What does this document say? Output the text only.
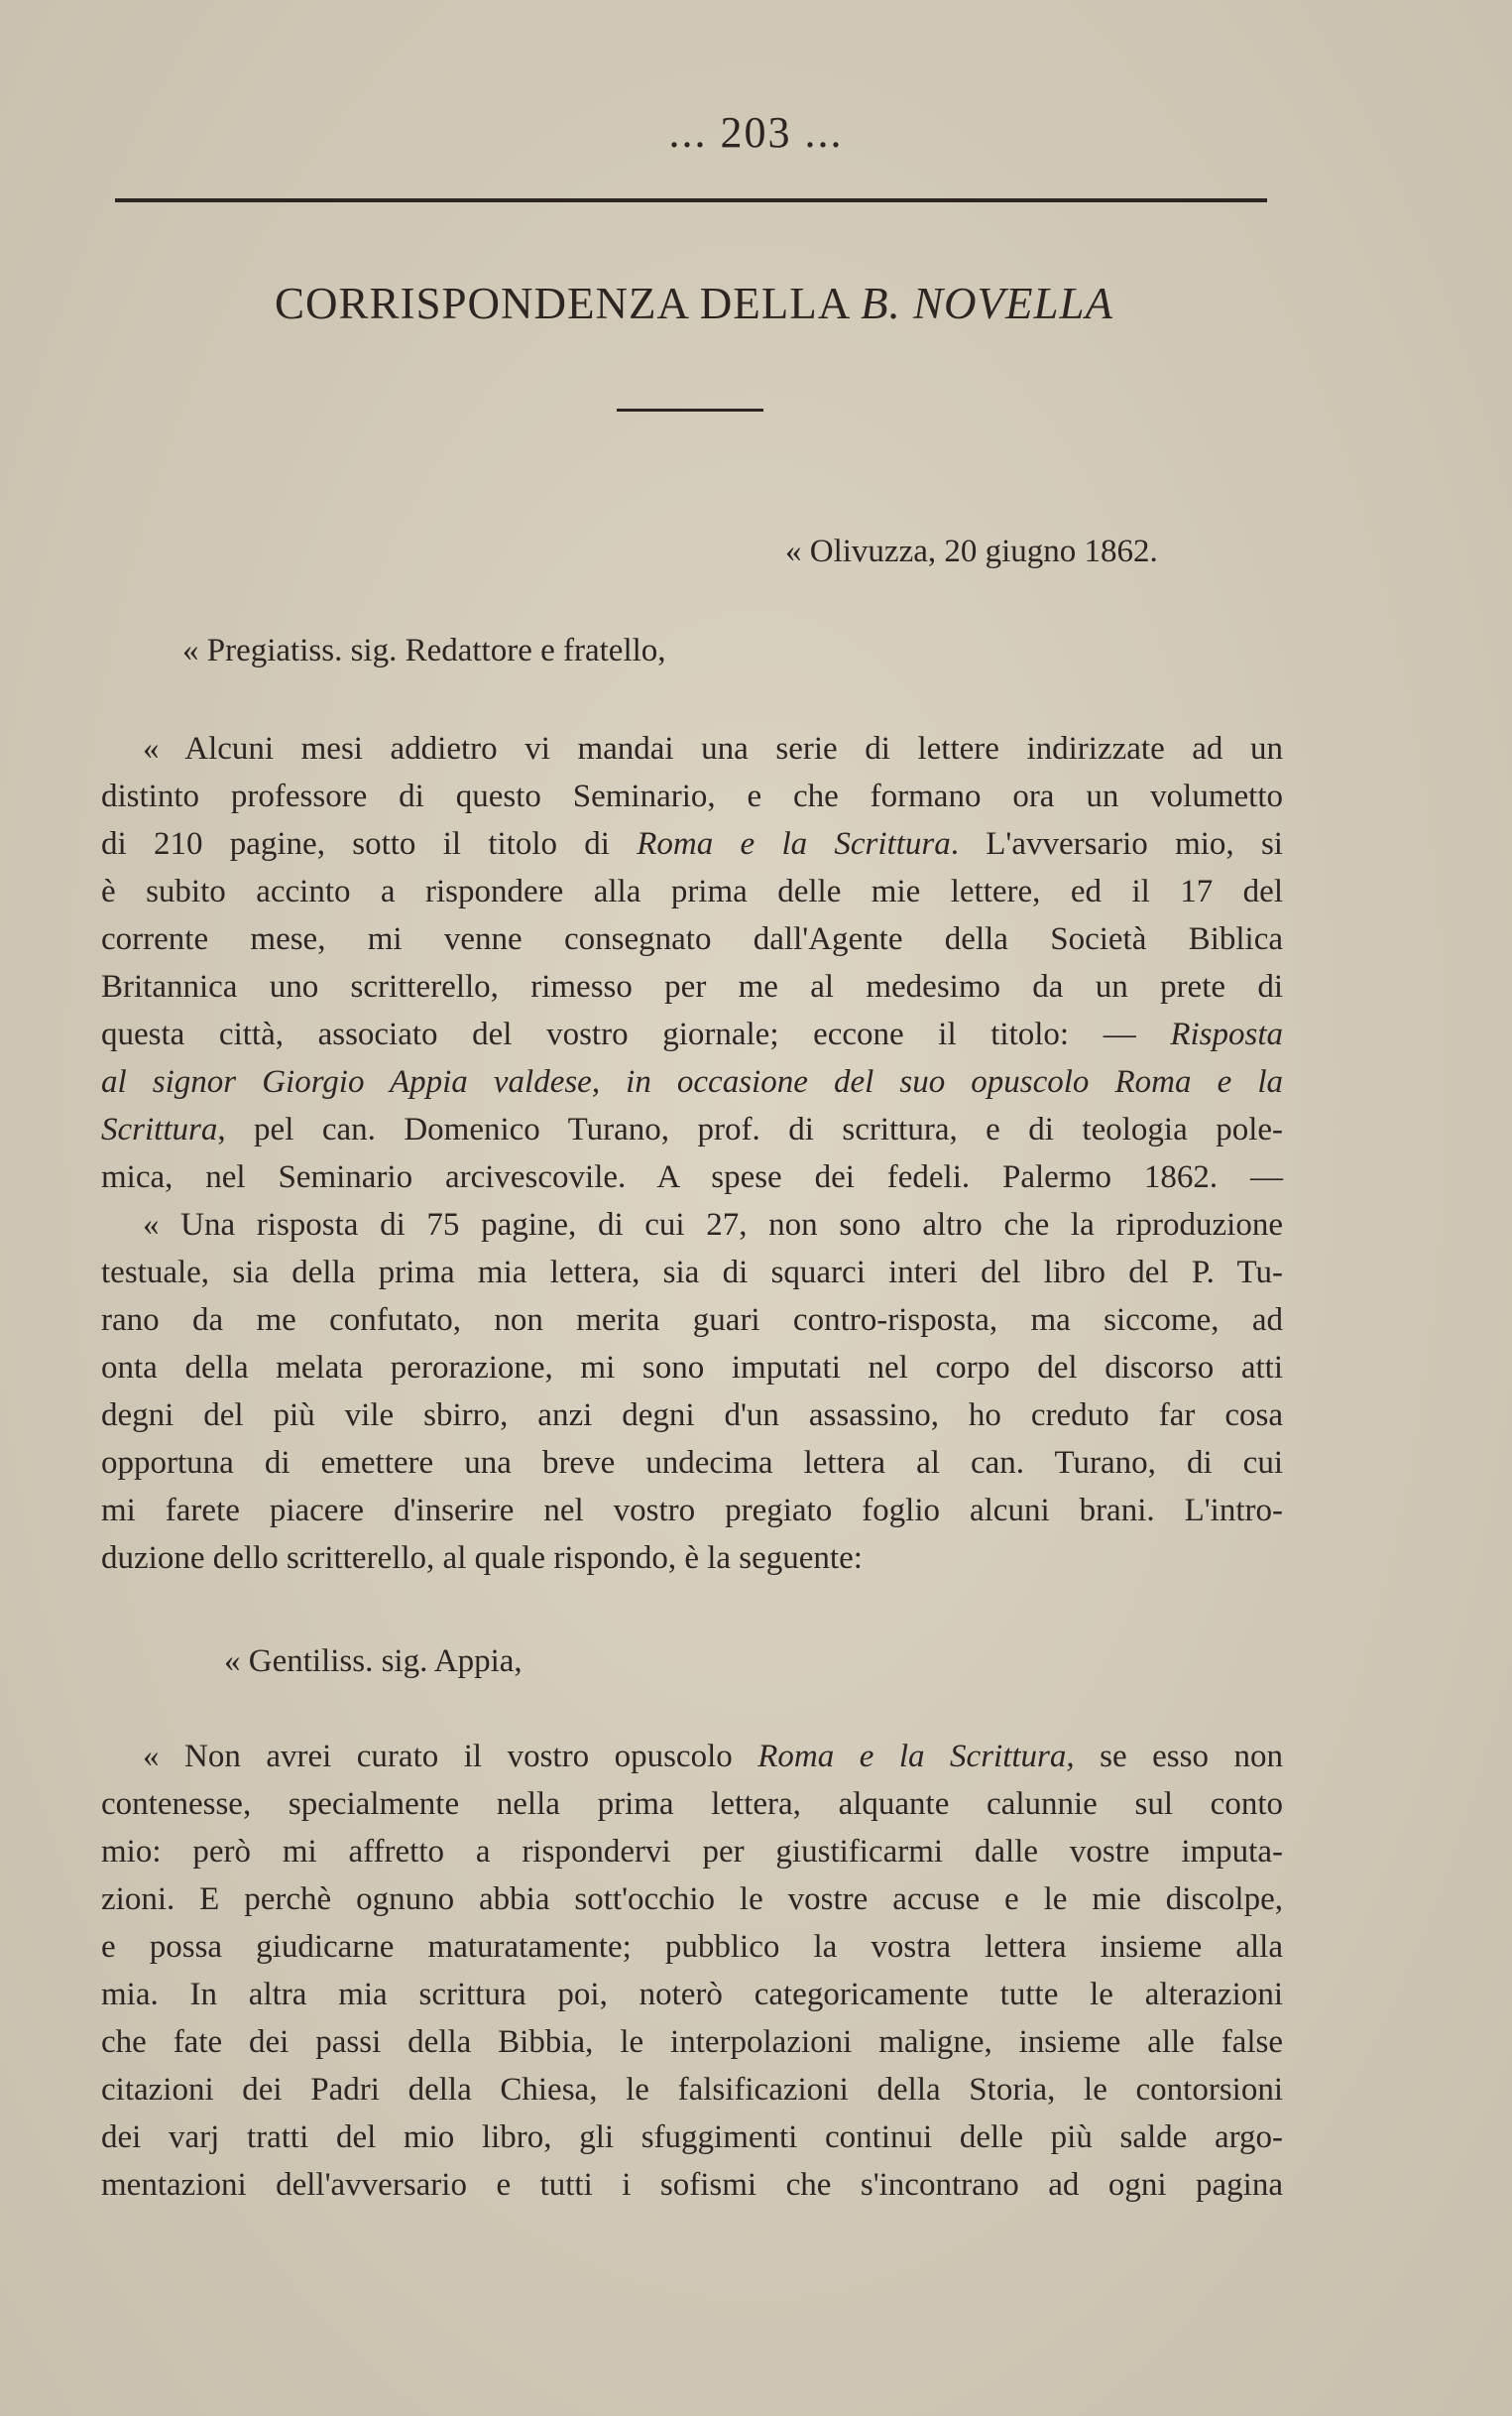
... 203 ...
CORRISPONDENZA DELLA B. NOVELLA
« Olivuzza, 20 giugno 1862.
« Pregiatiss. sig. Redattore e fratello,
« Alcuni mesi addietro vi mandai una serie di lettere indirizzate ad un
distinto professore di questo Seminario, e che formano ora un volumetto
di 210 pagine, sotto il titolo di Roma e la Scrittura. L'avversario mio, si
è subito accinto a rispondere alla prima delle mie lettere, ed il 17 del
corrente mese, mi venne consegnato dall'Agente della Società Biblica
Britannica uno scritterello, rimesso per me al medesimo da un prete di
questa città, associato del vostro giornale; eccone il titolo: — Risposta
al signor Giorgio Appia valdese, in occasione del suo opuscolo Roma e la
Scrittura, pel can. Domenico Turano, prof. di scrittura, e di teologia pole-
mica, nel Seminario arcivescovile. A spese dei fedeli. Palermo 1862. —
« Una risposta di 75 pagine, di cui 27, non sono altro che la riproduzione
testuale, sia della prima mia lettera, sia di squarci interi del libro del P. Tu-
rano da me confutato, non merita guari contro-risposta, ma siccome, ad
onta della melata perorazione, mi sono imputati nel corpo del discorso atti
degni del più vile sbirro, anzi degni d'un assassino, ho creduto far cosa
opportuna di emettere una breve undecima lettera al can. Turano, di cui
mi farete piacere d'inserire nel vostro pregiato foglio alcuni brani. L'intro-
duzione dello scritterello, al quale rispondo, è la seguente:
« Gentiliss. sig. Appia,
« Non avrei curato il vostro opuscolo Roma e la Scrittura, se esso non
contenesse, specialmente nella prima lettera, alquante calunnie sul conto
mio: però mi affretto a rispondervi per giustificarmi dalle vostre imputa-
zioni. E perchè ognuno abbia sott'occhio le vostre accuse e le mie discolpe,
e possa giudicarne maturatamente; pubblico la vostra lettera insieme alla
mia. In altra mia scrittura poi, noterò categoricamente tutte le alterazioni
che fate dei passi della Bibbia, le interpolazioni maligne, insieme alle false
citazioni dei Padri della Chiesa, le falsificazioni della Storia, le contorsioni
dei varj tratti del mio libro, gli sfuggimenti continui delle più salde argo-
mentazioni dell'avversario e tutti i sofismi che s'incontrano ad ogni pagina
